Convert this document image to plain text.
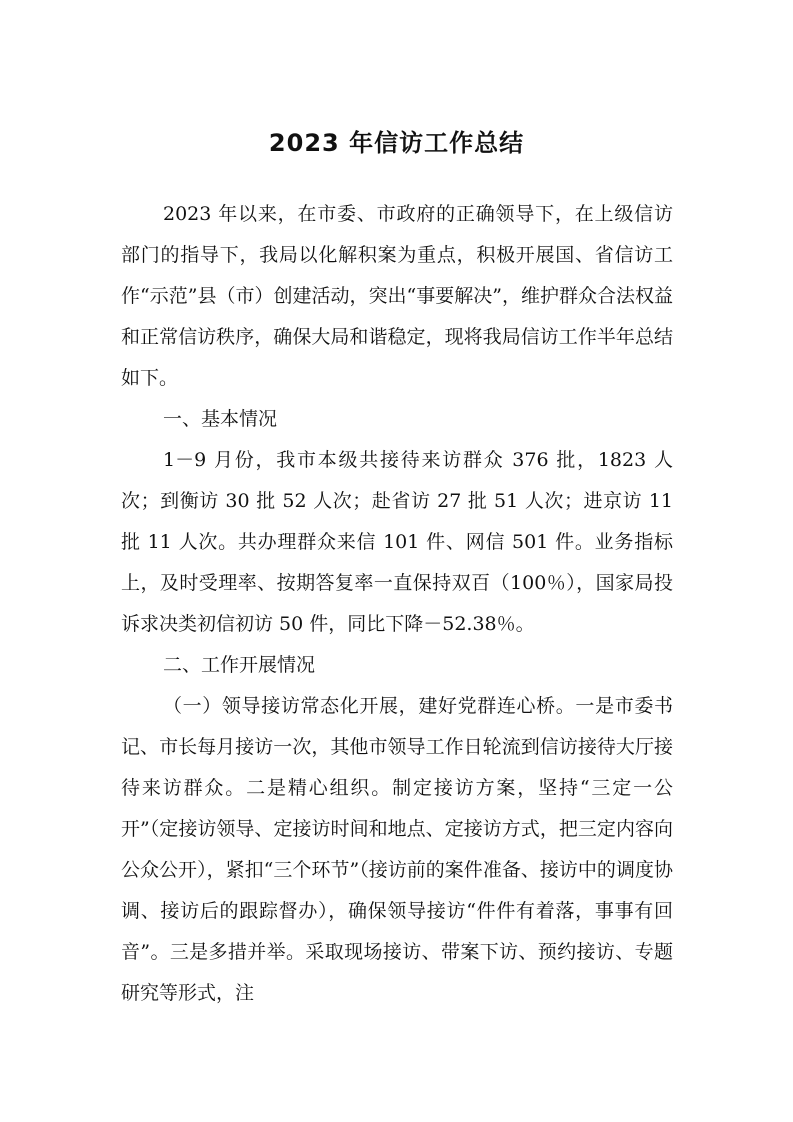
2023 年信访工作总结

2023 年以来，在市委、市政府的正确领导下，在上级信访部门的指导下，我局以化解积案为重点，积极开展国、省信访工作“示范”县（市）创建活动，突出“事要解决”，维护群众合法权益和正常信访秩序，确保大局和谐稳定，现将我局信访工作半年总结如下。

一、基本情况

1－9 月份，我市本级共接待来访群众 376 批，1823 人次；到衡访 30 批 52 人次；赴省访 27 批 51 人次；进京访 11 批 11 人次。共办理群众来信 101 件、网信 501 件。业务指标上，及时受理率、按期答复率一直保持双百（100％），国家局投诉求决类初信初访 50 件，同比下降－52.38％。

二、工作开展情况

（一）领导接访常态化开展，建好党群连心桥。一是市委书记、市长每月接访一次，其他市领导工作日轮流到信访接待大厅接待来访群众。二是精心组织。制定接访方案，坚持“三定一公开”（定接访领导、定接访时间和地点、定接访方式，把三定内容向公众公开），紧扣“三个环节”（接访前的案件准备、接访中的调度协调、接访后的跟踪督办），确保领导接访“件件有着落，事事有回音”。三是多措并举。采取现场接访、带案下访、预约接访、专题研究等形式，注
